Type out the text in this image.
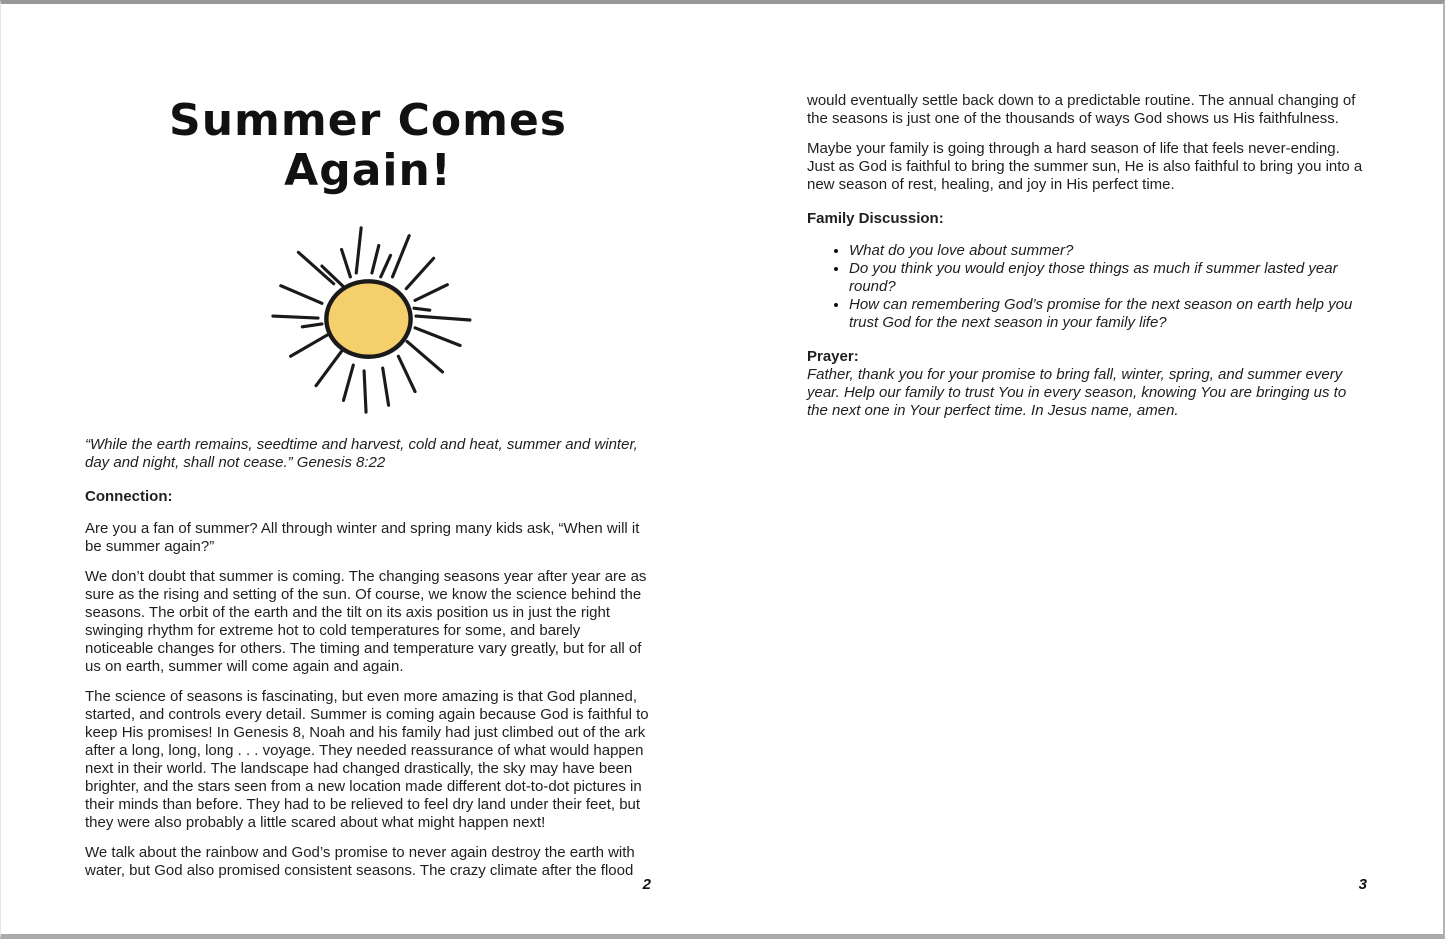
Summer Comes Again!

“While the earth remains, seedtime and harvest, cold and heat, summer and winter, day and night, shall not cease.” Genesis 8:22

Connection:

Are you a fan of summer? All through winter and spring many kids ask, “When will it be summer again?”

We don’t doubt that summer is coming. The changing seasons year after year are as sure as the rising and setting of the sun. Of course, we know the science behind the seasons. The orbit of the earth and the tilt on its axis position us in just the right swinging rhythm for extreme hot to cold temperatures for some, and barely noticeable changes for others. The timing and temperature vary greatly, but for all of us on earth, summer will come again and again.

The science of seasons is fascinating, but even more amazing is that God planned, started, and controls every detail. Summer is coming again because God is faithful to keep His promises! In Genesis 8, Noah and his family had just climbed out of the ark after a long, long, long . . . voyage. They needed reassurance of what would happen next in their world. The landscape had changed drastically, the sky may have been brighter, and the stars seen from a new location made different dot-to-dot pictures in their minds than before. They had to be relieved to feel dry land under their feet, but they were also probably a little scared about what might happen next!

We talk about the rainbow and God’s promise to never again destroy the earth with water, but God also promised consistent seasons. The crazy climate after the flood

2

would eventually settle back down to a predictable routine. The annual changing of the seasons is just one of the thousands of ways God shows us His faithfulness.

Maybe your family is going through a hard season of life that feels never-ending. Just as God is faithful to bring the summer sun, He is also faithful to bring you into a new season of rest, healing, and joy in His perfect time.

Family Discussion:

• What do you love about summer?
• Do you think you would enjoy those things as much if summer lasted year round?
• How can remembering God’s promise for the next season on earth help you trust God for the next season in your family life?

Prayer:

Father, thank you for your promise to bring fall, winter, spring, and summer every year. Help our family to trust You in every season, knowing You are bringing us to the next one in Your perfect time. In Jesus name, amen.

3
